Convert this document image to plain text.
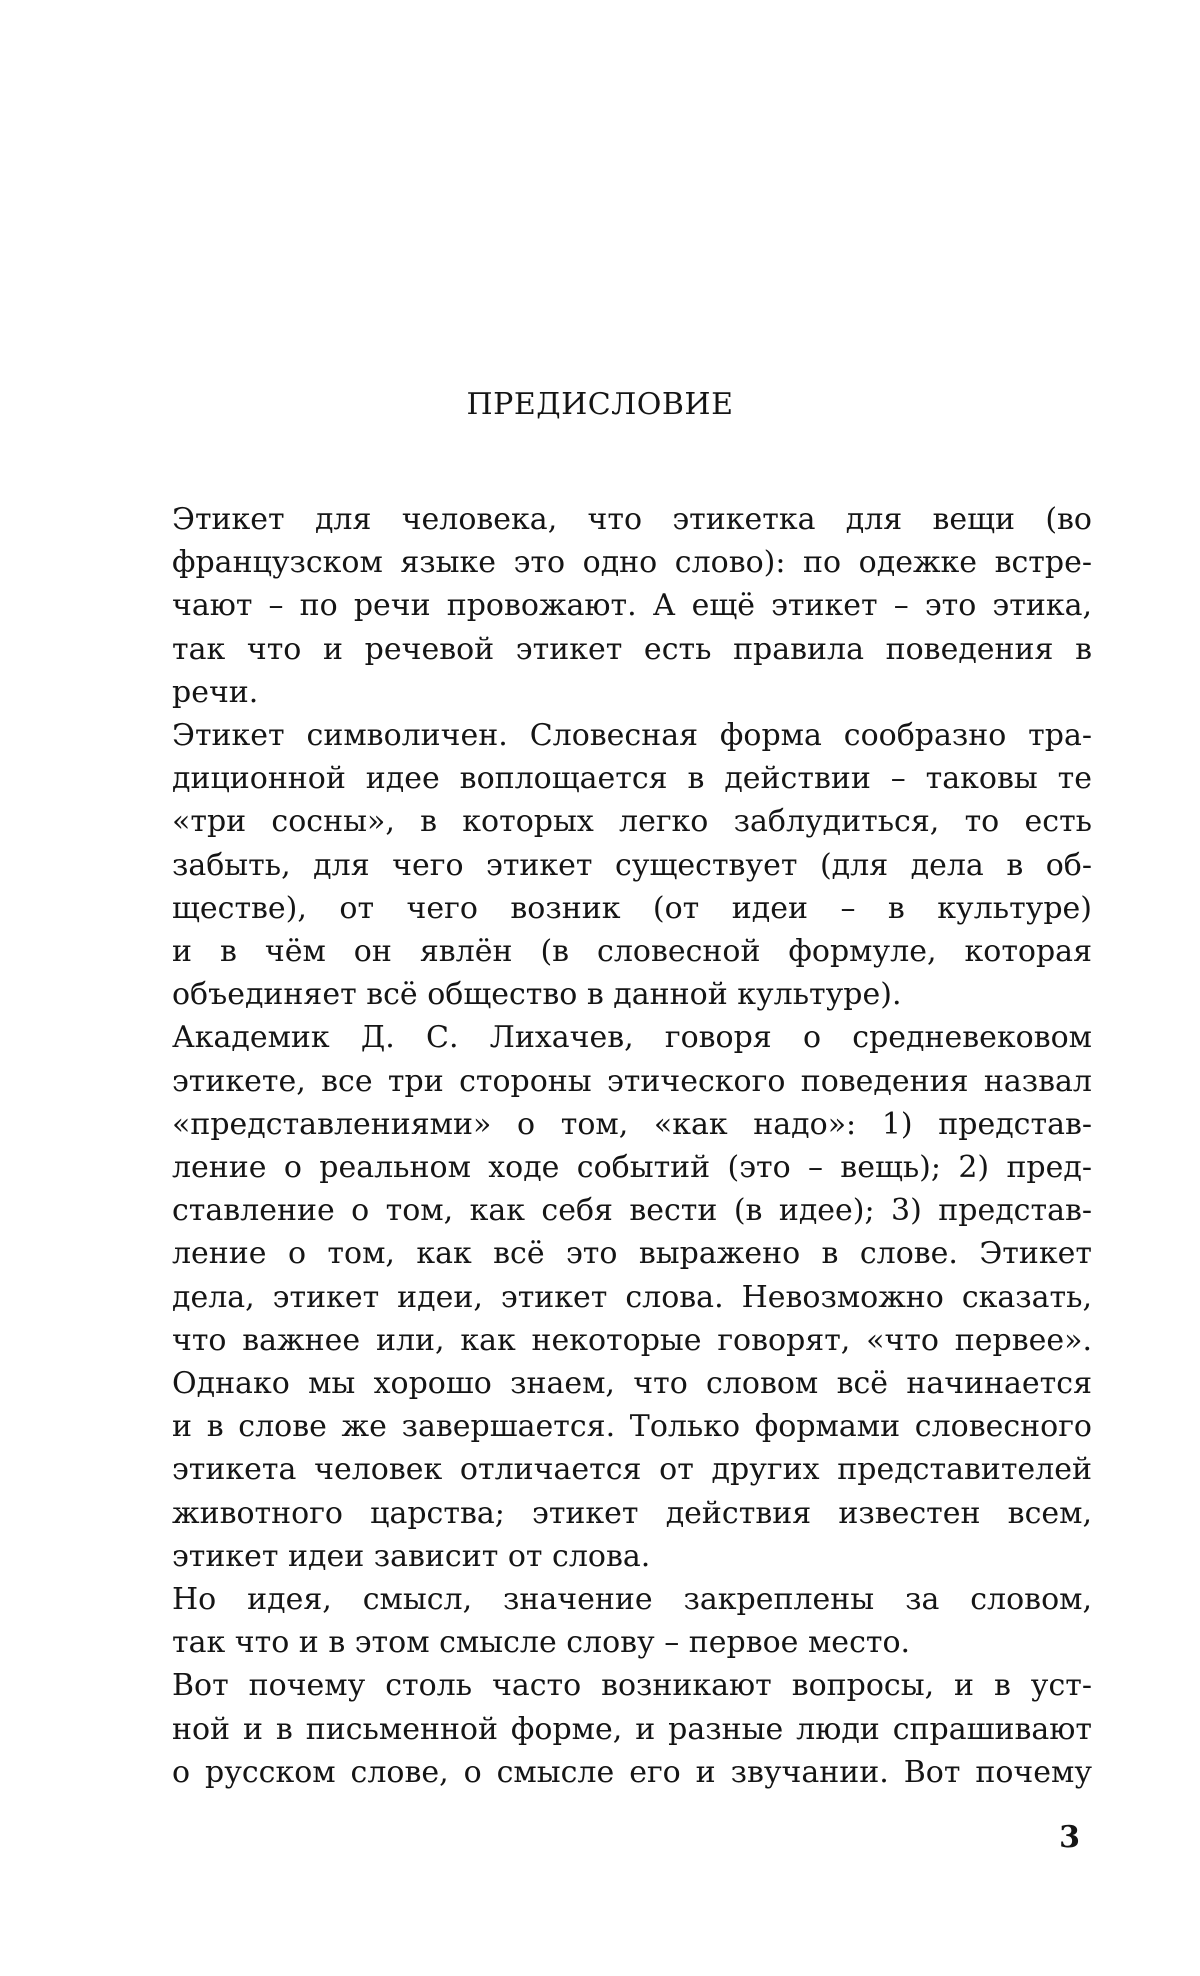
ПРЕДИСЛОВИЕ
Этикет для человека, что этикетка для вещи (во
французском языке это одно слово): по одежке встре-
чают – по речи провожают. А ещё этикет – это этика,
так что и речевой этикет есть правила поведения в
речи.
Этикет символичен. Словесная форма сообразно тра-
диционной идее воплощается в действии – таковы те
«три сосны», в которых легко заблудиться, то есть
забыть, для чего этикет существует (для дела в об-
ществе), от чего возник (от идеи – в культуре)
и в чём он явлён (в словесной формуле, которая
объединяет всё общество в данной культуре).
Академик Д. С. Лихачев, говоря о средневековом
этикете, все три стороны этического поведения назвал
«представлениями» о том, «как надо»: 1) представ-
ление о реальном ходе событий (это – вещь); 2) пред-
ставление о том, как себя вести (в идее); 3) представ-
ление о том, как всё это выражено в слове. Этикет
дела, этикет идеи, этикет слова. Невозможно сказать,
что важнее или, как некоторые говорят, «что первее».
Однако мы хорошо знаем, что словом всё начинается
и в слове же завершается. Только формами словесного
этикета человек отличается от других представителей
животного царства; этикет действия известен всем,
этикет идеи зависит от слова.
Но идея, смысл, значение закреплены за словом,
так что и в этом смысле слову – первое место.
Вот почему столь часто возникают вопросы, и в уст-
ной и в письменной форме, и разные люди спрашивают
о русском слове, о смысле его и звучании. Вот почему
3
